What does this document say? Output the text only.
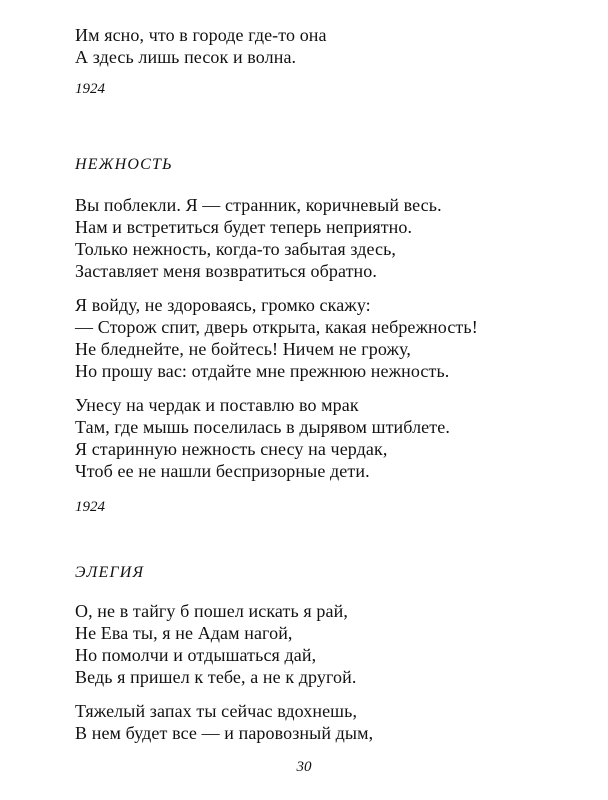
Им ясно, что в городе где-то она
А здесь лишь песок и волна.
1924
НЕЖНОСТЬ
Вы поблекли. Я — странник, коричневый весь.
Нам и встретиться будет теперь неприятно.
Только нежность, когда-то забытая здесь,
Заставляет меня возвратиться обратно.
Я войду, не здороваясь, громко скажу:
— Сторож спит, дверь открыта, какая небрежность!
Не бледнейте, не бойтесь! Ничем не грожу,
Но прошу вас: отдайте мне прежнюю нежность.
Унесу на чердак и поставлю во мрак
Там, где мышь поселилась в дырявом штиблете.
Я старинную нежность снесу на чердак,
Чтоб ее не нашли беспризорные дети.
1924
ЭЛЕГИЯ
О, не в тайгу б пошел искать я рай,
Не Ева ты, я не Адам нагой,
Но помолчи и отдышаться дай,
Ведь я пришел к тебе, а не к другой.
Тяжелый запах ты сейчас вдохнешь,
В нем будет все — и паровозный дым,
30
